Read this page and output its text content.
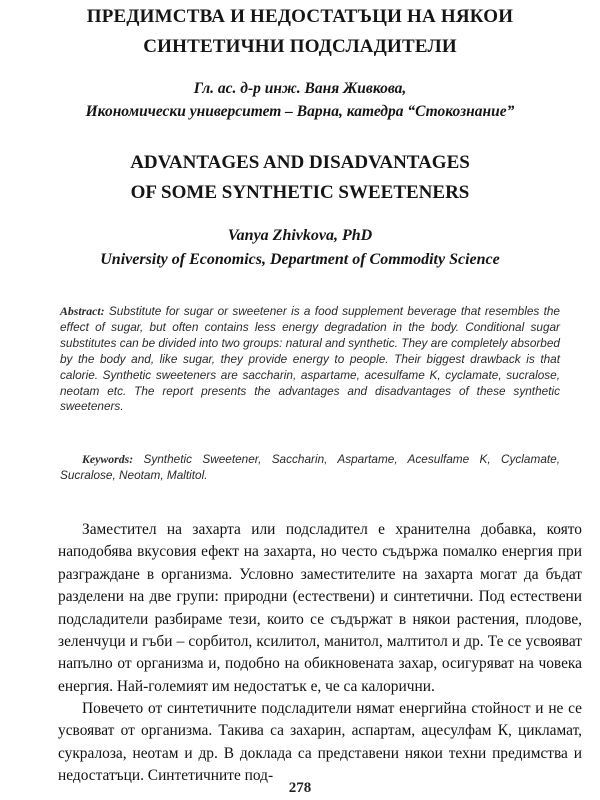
ПРЕДИМСТВА И НЕДОСТАТЪЦИ НА НЯКОИ
СИНТЕТИЧНИ ПОДСЛАДИТЕЛИ
Гл. ас. д-р инж. Ваня Живкова,
Икономически университет – Варна, катедра “Стокознание”
ADVANTAGES AND DISADVANTAGES
OF SOME SYNTHETIC SWEETENERS
Vanya Zhivkova, PhD
University of Economics, Department of Commodity Science

Abstract: Substitute for sugar or sweetener is a food supplement beverage that resembles the effect of sugar, but often contains less energy degradation in the body. Conditional sugar substitutes can be divided into two groups: natural and synthetic. They are completely absorbed by the body and, like sugar, they provide energy to people. Their biggest drawback is that calorie. Synthetic sweeteners are saccharin, aspartame, acesulfame K, cyclamate, sucralose, neotam etc. The report presents the advantages and disadvantages of these synthetic sweeteners.

Keywords: Synthetic Sweetener, Saccharin, Aspartame, Acesulfame K, Cyclamate, Sucralose, Neotam, Maltitol.

Заместител на захарта или подсладител е хранителна добавка, която наподобява вкусовия ефект на захарта, но често съдържа помалко енергия при разграждане в организма. Условно заместителите на захарта могат да бъдат разделени на две групи: природни (естествени) и синтетични. Под естествени подсладители разбираме тези, които се съдържат в някои растения, плодове, зеленчуци и гъби – сорбитол, ксилитол, манитол, малтитол и др. Те се усвояват напълно от организма и, подобно на обикновената захар, осигуряват на човека енергия. Най-големият им недостатък е, че са калорични.

Повечето от синтетичните подсладители нямат енергийна стойност и не се усвояват от организма. Такива са захарин, аспартам, ацесулфам К, цикламат, сукралоза, неотам и др. В доклада са представени някои техни предимства и недостатъци. Синтетичните под-

278
